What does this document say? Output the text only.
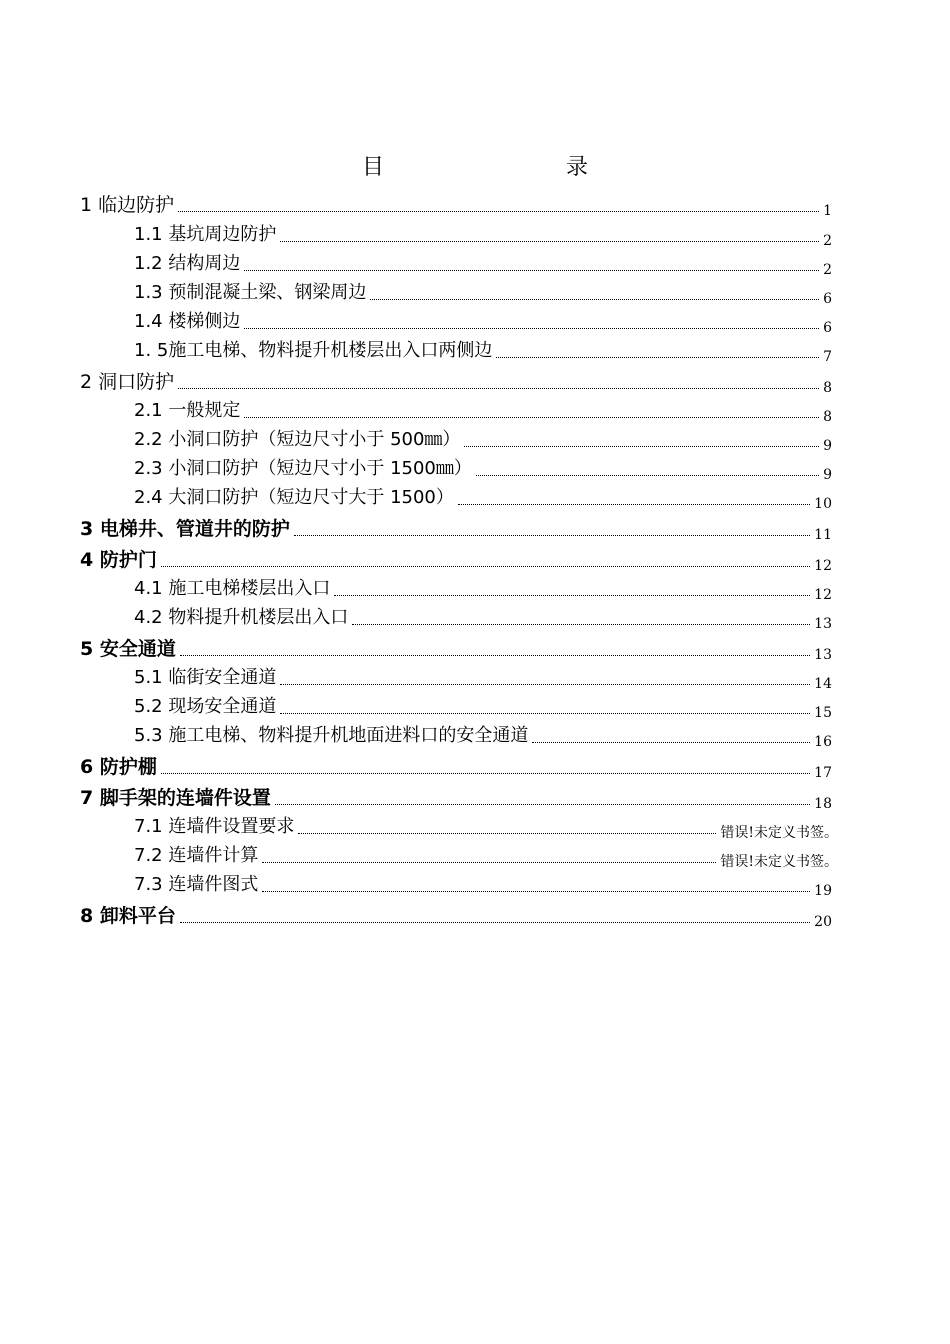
目　录
1 临边防护	1
1.1 基坑周边防护	2
1.2 结构周边	2
1.3 预制混凝土梁、钢梁周边	6
1.4 楼梯侧边	6
1. 5施工电梯、物料提升机楼层出入口两侧边	7
2 洞口防护	8
2.1 一般规定	8
2.2 小洞口防护（短边尺寸小于 500㎜）	9
2.3 小洞口防护（短边尺寸小于 1500㎜）	9
2.4 大洞口防护（短边尺寸大于 1500）	10
3 电梯井、管道井的防护	11
4 防护门	12
4.1 施工电梯楼层出入口	12
4.2 物料提升机楼层出入口	13
5 安全通道	13
5.1 临街安全通道	14
5.2 现场安全通道	15
5.3 施工电梯、物料提升机地面进料口的安全通道	16
6 防护棚	17
7 脚手架的连墙件设置	18
7.1 连墙件设置要求	错误!未定义书签。
7.2 连墙件计算	错误!未定义书签。
7.3 连墙件图式	19
8 卸料平台	20
